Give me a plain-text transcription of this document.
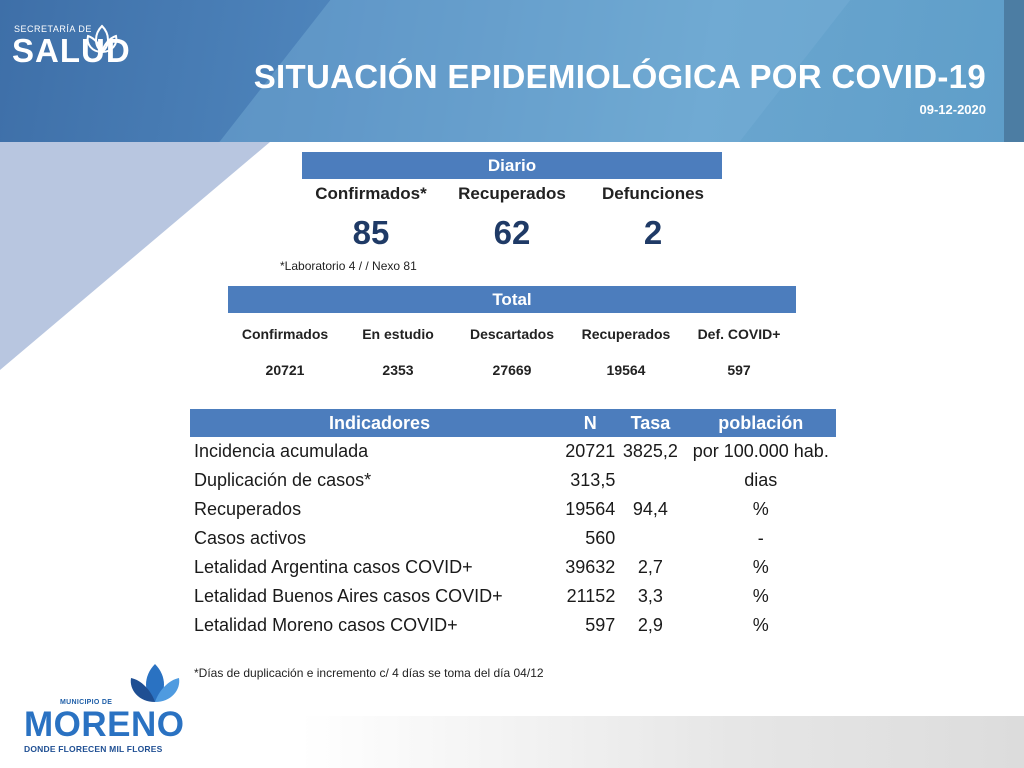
SECRETARÍA DE
SALUD
SITUACIÓN EPIDEMIOLÓGICA POR COVID-19
09-12-2020
Diario
Confirmados*	Recuperados	Defunciones
85	62	2
*Laboratorio 4 / / Nexo 81
Total
Confirmados	En estudio	Descartados	Recuperados	Def. COVID+
20721	2353	27669	19564	597
Indicadores	N	Tasa	población
Incidencia acumulada	20721	3825,2	por 100.000 hab.
Duplicación de casos*	313,5		dias
Recuperados	19564	94,4	%
Casos activos	560		-
Letalidad Argentina casos COVID+	39632	2,7	%
Letalidad Buenos Aires casos COVID+	21152	3,3	%
Letalidad Moreno casos COVID+	597	2,9	%
*Días de duplicación e incremento c/ 4 días se toma del día 04/12
MUNICIPIO DE
MORENO
DONDE FLORECEN MIL FLORES
